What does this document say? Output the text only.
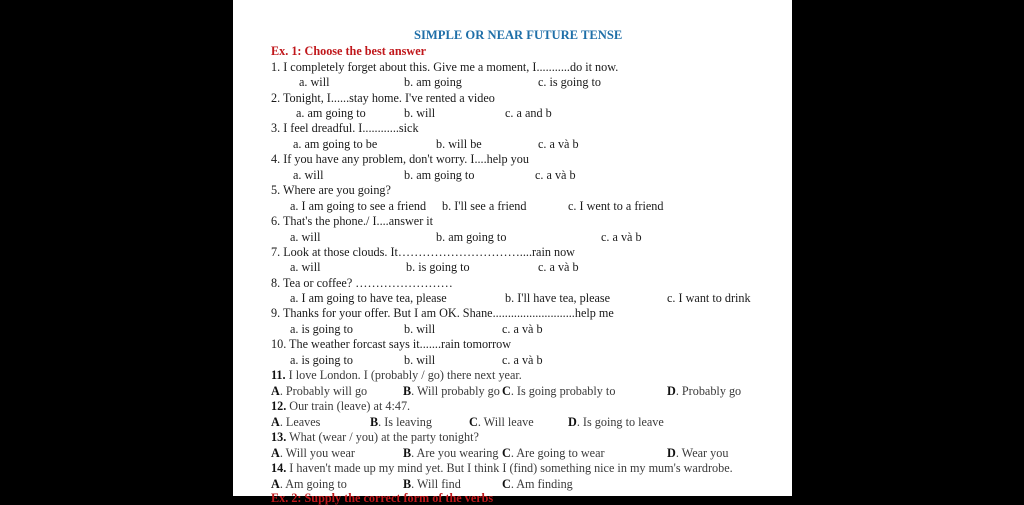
SIMPLE OR NEAR FUTURE TENSE
Ex. 1: Choose the best answer
1. I completely forget about this. Give me a moment, I...........do it now.
a. will	b. am going	c. is going to
2. Tonight, I......stay home. I've rented a video
a. am going to	b. will	c. a and b
3. I feel dreadful. I............sick
a. am going to be	b. will be	c. a và b
4. If you have any problem, don't worry. I....help you
a. will	b. am going to	c. a và b
5. Where are you going?
a. I am going to see a friend b. I'll see a friend	c. I went to a friend
6. That's the phone./ I....answer it
a. will	b. am going to	c. a và b
7. Look at those clouds. It…………………………....rain now
a. will	b. is going to	c. a và b
8. Tea or coffee? ……………………
a. I am going to have tea, please	b. I'll have tea, please	c. I want to drink
9. Thanks for your offer. But I am OK. Shane...........................help me
a. is going to	b. will	c. a và b
10. The weather forcast says it.......rain tomorrow
a. is going to	b. will	c. a và b
11. I love London. I (probably / go) there next year.
A. Probably will go	B. Will probably go C. Is going probably to	D. Probably go
12. Our train (leave) at 4:47.
A. Leaves	B. Is leaving	C. Will leave	D. Is going to leave
13. What (wear / you) at the party tonight?
A. Will you wear	B. Are you wearing C. Are going to wear	D. Wear you
14. I haven't made up my mind yet. But I think I (find) something nice in my mum's wardrobe.
A. Am going to	B. Will find	C. Am finding
Ex. 2: Supply the correct form of the verbs
